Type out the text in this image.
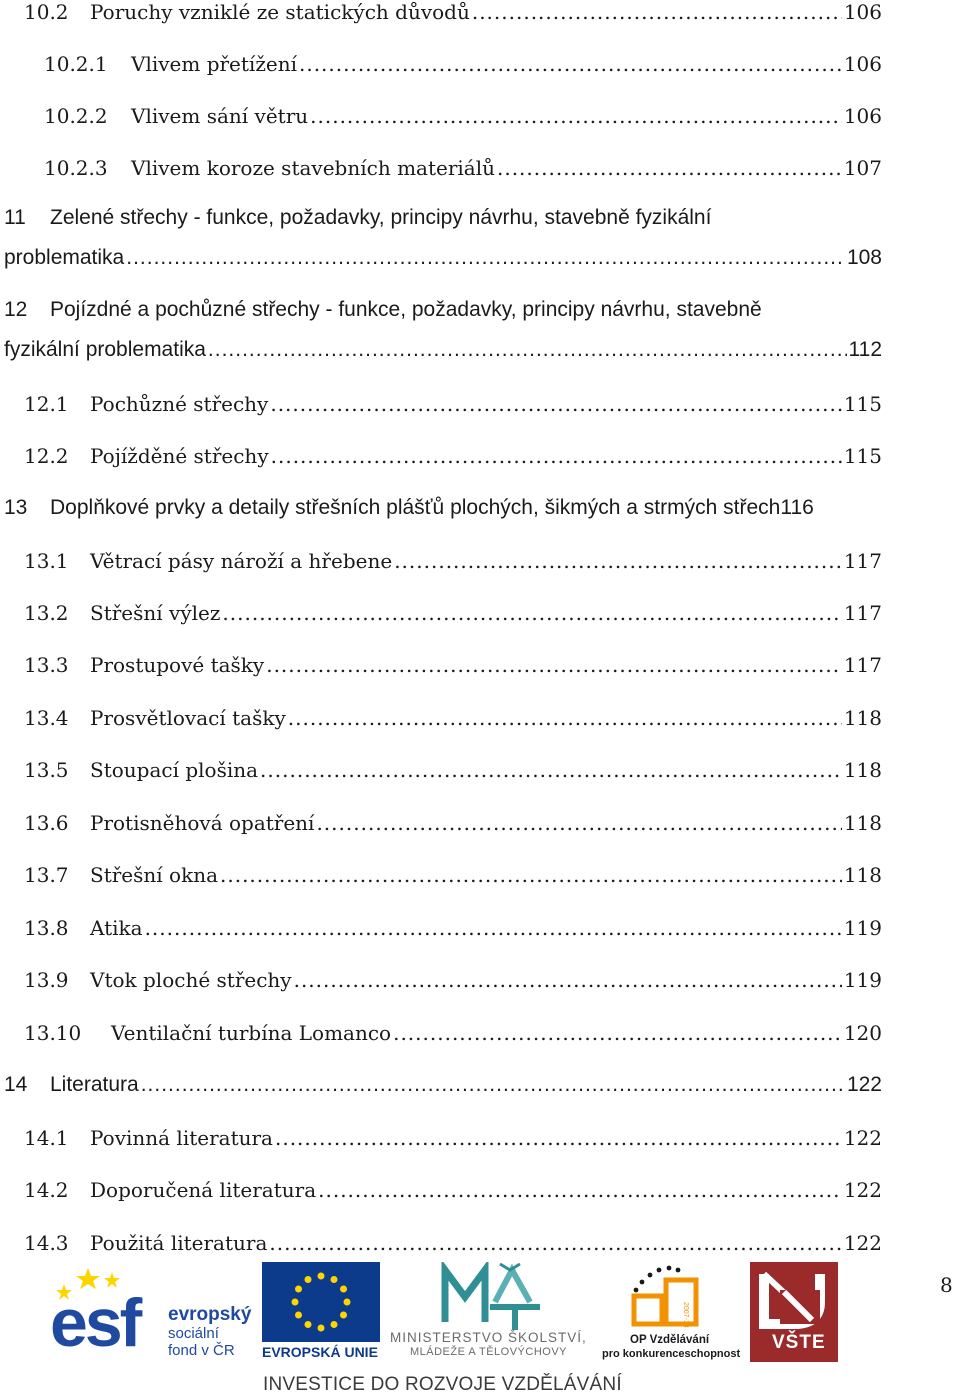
10.2	Poruchy vzniklé ze statických důvodů .....	106
10.2.1	Vlivem přetížení .....	106
10.2.2	Vlivem sání větru .....	106
10.2.3	Vlivem koroze stavebních materiálů .....	107
11	Zelené střechy - funkce, požadavky, principy návrhu, stavebně fyzikální
problematika .....	108
12	Pojízdné a pochůzné střechy - funkce, požadavky, principy návrhu, stavebně
fyzikální problematika .....	112
12.1	Pochůzné střechy .....	115
12.2	Pojížděné střechy .....	115
13	Doplňkové prvky a detaily střešních plášťů plochých, šikmých a strmých střech 116
13.1	Větrací pásy nároží a hřebene .....	117
13.2	Střešní výlez .....	117
13.3	Prostupové tašky .....	117
13.4	Prosvětlovací tašky .....	118
13.5	Stoupací plošina .....	118
13.6	Protisněhová opatření .....	118
13.7	Střešní okna .....	118
13.8	Atika .....	119
13.9	Vtok ploché střechy .....	119
13.10	Ventilační turbína Lomanco .....	120
14	Literatura .....	122
14.1	Povinná literatura .....	122
14.2	Doporučená literatura .....	122
14.3	Použitá literatura .....	122
8
esf evropský
sociální
fond v ČR EVROPSKÁ UNIE
MINISTERSTVO ŠKOLSTVÍ,
MLÁDEŽE A TĚLOVÝCHOVY
2007-13
OP Vzdělávání
pro konkurenceschopnost
VŠTE
INVESTICE DO ROZVOJE VZDĚLÁVÁNÍ
